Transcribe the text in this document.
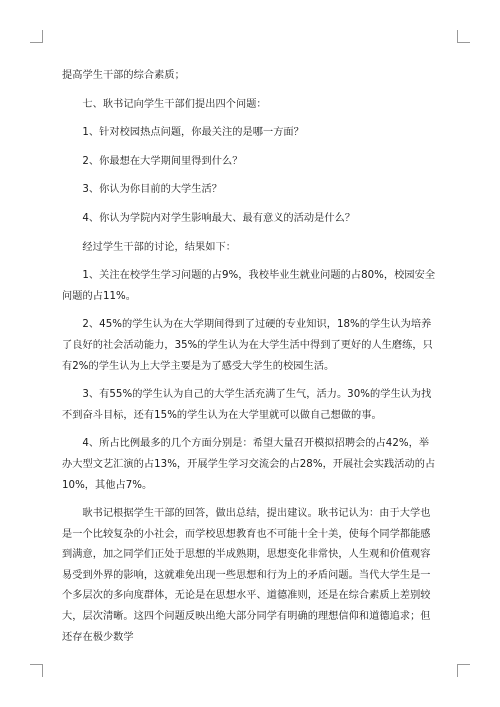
提高学生干部的综合素质；

七、耿书记向学生干部们提出四个问题：

1、针对校园热点问题，你最关注的是哪一方面？

2、你最想在大学期间里得到什么？

3、你认为你目前的大学生活？

4、你认为学院内对学生影响最大、最有意义的活动是什么？

经过学生干部的讨论，结果如下：

1、关注在校学生学习问题的占9%，我校毕业生就业问题的占80%，校园安全问题的占11%。

2、45%的学生认为在大学期间得到了过硬的专业知识，18%的学生认为培养了良好的社会活动能力，35%的学生认为在大学生活中得到了更好的人生磨练，只有2%的学生认为上大学主要是为了感受大学生的校园生活。

3、有55%的学生认为自己的大学生活充满了生气，活力。30%的学生认为找不到奋斗目标，还有15%的学生认为在大学里就可以做自己想做的事。

4、所占比例最多的几个方面分别是：希望大量召开模拟招聘会的占42%，举办大型文艺汇演的占13%，开展学生学习交流会的占28%，开展社会实践活动的占10%，其他占7%。

耿书记根据学生干部的回答，做出总结，提出建议。耿书记认为：由于大学也是一个比较复杂的小社会，而学校思想教育也不可能十全十美，使每个同学都能感到满意，加之同学们正处于思想的半成熟期，思想变化非常快，人生观和价值观容易受到外界的影响，这就难免出现一些思想和行为上的矛盾问题。当代大学生是一个多层次的多向度群体，无论是在思想水平、道德准则，还是在综合素质上差别较大，层次清晰。这四个问题反映出绝大部分同学有明确的理想信仰和道德追求；但还存在极少数学
